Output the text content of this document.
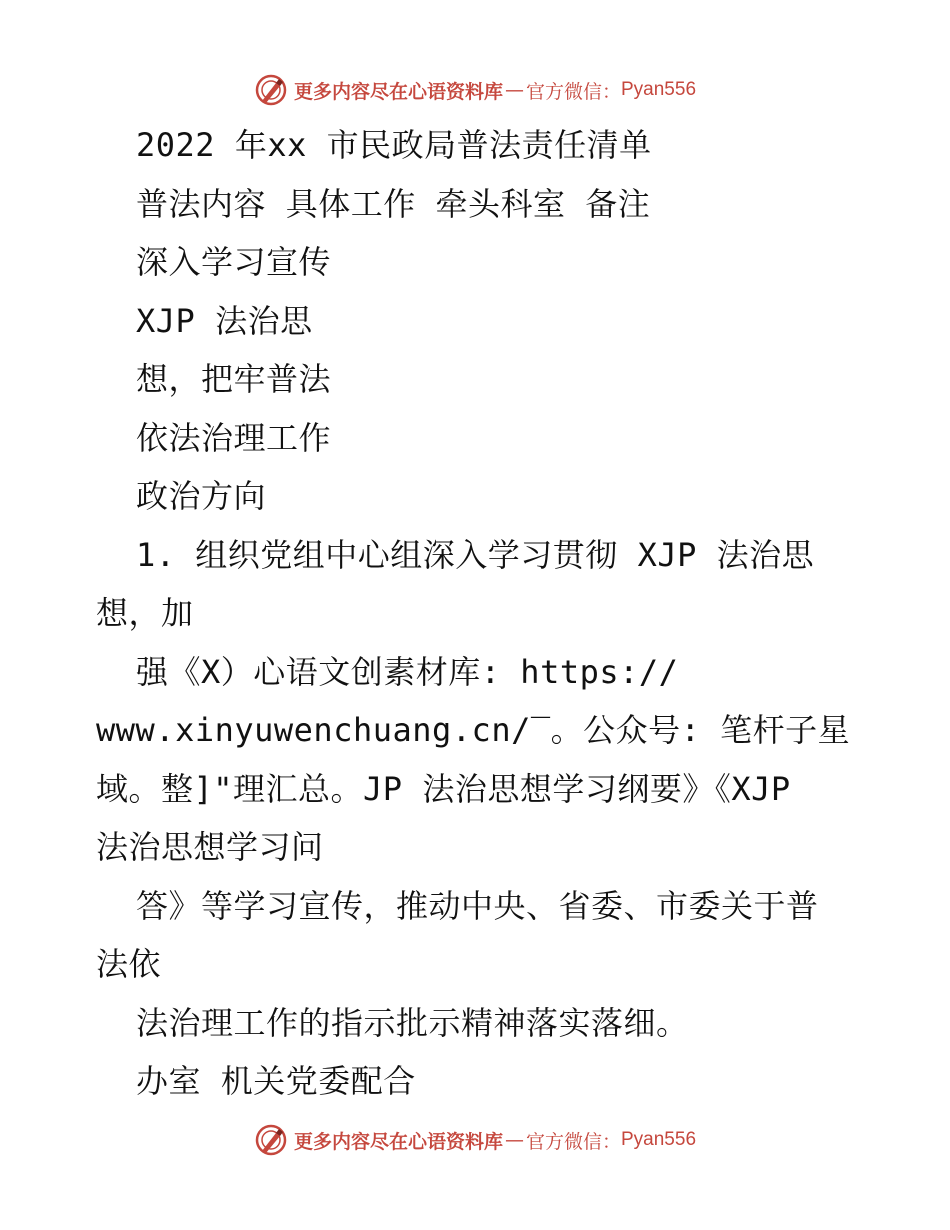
更多内容尽在心语资料库 — 官方微信： Pyan556
2022 年xx 市民政局普法责任清单
普法内容 具体工作 牵头科室 备注
深入学习宣传
XJP 法治思
想，把牢普法
依法治理工作
政治方向
1. 组织党组中心组深入学习贯彻 XJP 法治思
想，加
强《X）心语文创素材库: https://
www.xinyuwenchuang.cn/‾。公众号: 笔杆子星
域。整]"理汇总。JP 法治思想学习纲要》《XJP
法治思想学习问
答》等学习宣传，推动中央、省委、市委关于普
法依
法治理工作的指示批示精神落实落细。
办室 机关党委配合
更多内容尽在心语资料库 — 官方微信： Pyan556
